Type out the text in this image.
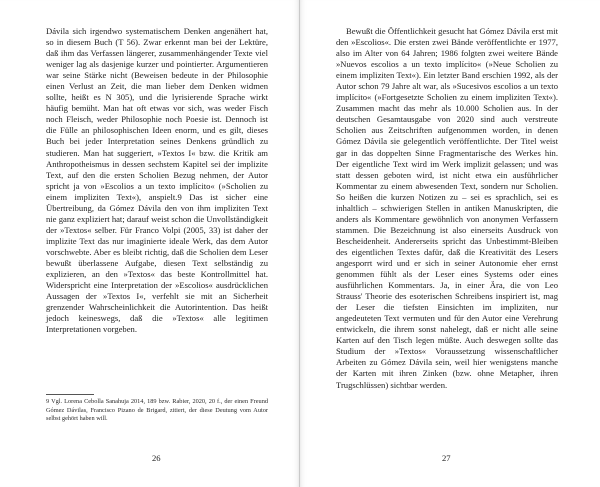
Dávila sich irgendwo systematischem Denken angenähert hat, so in diesem Buch (T 56). Zwar erkennt man bei der Lektüre, daß ihm das Verfassen längerer, zusammenhängender Texte viel weniger lag als dasjenige kurzer und pointierter. Argumentieren war seine Stärke nicht (Beweisen bedeute in der Philosophie einen Verlust an Zeit, die man lieber dem Denken widmen sollte, heißt es N 305), und die lyrisierende Sprache wirkt häufig bemüht. Man hat oft etwas vor sich, was weder Fisch noch Fleisch, weder Philosophie noch Poesie ist. Dennoch ist die Fülle an philosophischen Ideen enorm, und es gilt, dieses Buch bei jeder Interpretation seines Denkens gründlich zu studieren. Man hat suggeriert, »Textos I« bzw. die Kritik am Anthropotheismus in dessen sechstem Kapitel sei der implizite Text, auf den die ersten Scholien Bezug nehmen, der Autor spricht ja von »Escolios a un texto implícito« (»Scholien zu einem impliziten Text«), anspielt.9 Das ist sicher eine Übertreibung, da Gómez Dávila den von ihm impliziten Text nie ganz expliziert hat; darauf weist schon die Unvollständigkeit der »Textos« selber. Für Franco Volpi (2005, 33) ist daher der implizite Text das nur imaginierte ideale Werk, das dem Autor vorschwebte. Aber es bleibt richtig, daß die Scholien dem Leser bewußt überlassene Aufgabe, diesen Text selbständig zu explizieren, an den »Textos« das beste Kontrollmittel hat. Widerspricht eine Interpretation der »Escolios« ausdrücklichen Aussagen der »Textos I«, verfehlt sie mit an Sicherheit grenzender Wahrscheinlichkeit die Autorintention. Das heißt jedoch keineswegs, daß die »Textos« alle legitimen Interpretationen vorgeben.

9 Vgl. Lorena Cebolla Sanahuja 2014, 189 bzw. Rabier, 2020, 20 f., der einen Freund Gómez Dávilas, Francisco Pizano de Brigard, zitiert, der diese Deutung vom Autor selbst gehört haben will.
26

Bewußt die Öffentlichkeit gesucht hat Gómez Dávila erst mit den »Escolios«. Die ersten zwei Bände veröffentlichte er 1977, also im Alter von 64 Jahren; 1986 folgten zwei weitere Bände »Nuevos escolios a un texto implícito« (»Neue Scholien zu einem impliziten Text«). Ein letzter Band erschien 1992, als der Autor schon 79 Jahre alt war, als »Sucesivos escolios a un texto implícito« (»Fortgesetzte Scholien zu einem impliziten Text«). Zusammen macht das mehr als 10.000 Scholien aus. In der deutschen Gesamtausgabe von 2020 sind auch verstreute Scholien aus Zeitschriften aufgenommen worden, in denen Gómez Dávila sie gelegentlich veröffentlichte. Der Titel weist gar in das doppelten Sinne Fragmentarische des Werkes hin. Der eigentliche Text wird im Werk implizit gelassen; und was statt dessen geboten wird, ist nicht etwa ein ausführlicher Kommentar zu einem abwesenden Text, sondern nur Scholien. So heißen die kurzen Notizen zu – sei es sprachlich, sei es inhaltlich – schwierigen Stellen in antiken Manuskripten, die anders als Kommentare gewöhnlich von anonymen Verfassern stammen. Die Bezeichnung ist also einerseits Ausdruck von Bescheidenheit. Andererseits spricht das Unbestimmt-Bleiben des eigentlichen Textes dafür, daß die Kreativität des Lesers angesporrt wird und er sich in seiner Autonomie eher ernst genommen fühlt als der Leser eines Systems oder eines ausführlichen Kommentars. Ja, in einer Ära, die von Leo Strauss' Theorie des esoterischen Schreibens inspiriert ist, mag der Leser die tiefsten Einsichten im impliziten, nur angedeuteten Text vermuten und für den Autor eine Verehrung entwickeln, die ihrem sonst nahelegt, daß er nicht alle seine Karten auf den Tisch legen müßte. Auch deswegen sollte das Studium der »Textos« Voraussetzung wissenschaftlicher Arbeiten zu Gómez Dávila sein, weil hier wenigstens manche der Karten mit ihren Zinken (bzw. ohne Metapher, ihren Trugschlüssen) sichtbar werden.

27
